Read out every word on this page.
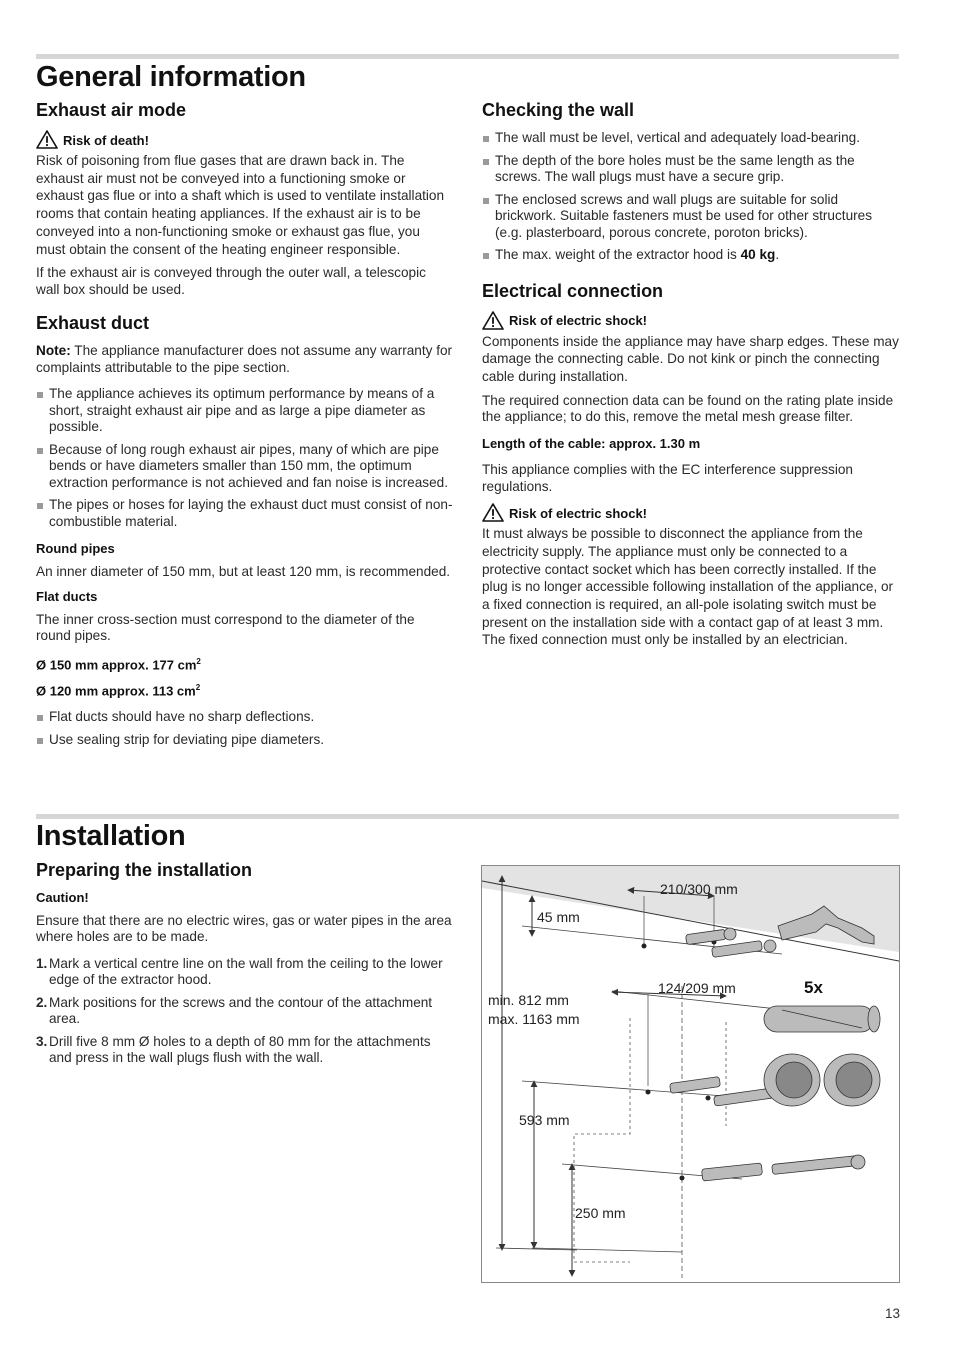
General information
Exhaust air mode
Risk of death!

Risk of poisoning from flue gases that are drawn back in. The exhaust air must not be conveyed into a functioning smoke or exhaust gas flue or into a shaft which is used to ventilate installation rooms that contain heating appliances. If the exhaust air is to be conveyed into a non-functioning smoke or exhaust gas flue, you must obtain the consent of the heating engineer responsible.

If the exhaust air is conveyed through the outer wall, a telescopic wall box should be used.

Exhaust duct

Note: The appliance manufacturer does not assume any warranty for complaints attributable to the pipe section.

The appliance achieves its optimum performance by means of a short, straight exhaust air pipe and as large a pipe diameter as possible.
Because of long rough exhaust air pipes, many of which are pipe bends or have diameters smaller than 150 mm, the optimum extraction performance is not achieved and fan noise is increased.
The pipes or hoses for laying the exhaust duct must consist of non-combustible material.
Round pipes

An inner diameter of 150 mm, but at least 120 mm, is recommended.

Flat ducts

The inner cross-section must correspond to the diameter of the round pipes.

Ø 150 mm approx. 177 $cm^2$
Ø 120 mm approx. 113 $cm^2$
Flat ducts should have no sharp deflections.
Use sealing strip for deviating pipe diameters.
Checking the wall
The wall must be level, vertical and adequately load-bearing.
The depth of the bore holes must be the same length as the screws. The wall plugs must have a secure grip.
The enclosed screws and wall plugs are suitable for solid brickwork. Suitable fasteners must be used for other structures (e.g. plasterboard, porous concrete, poroton bricks).
The max. weight of the extractor hood is 40 kg.
Electrical connection
Risk of electric shock!

Components inside the appliance may have sharp edges. These may damage the connecting cable. Do not kink or pinch the connecting cable during installation.

The required connection data can be found on the rating plate inside the appliance; to do this, remove the metal mesh grease filter.

Length of the cable: approx. 1.30 m

This appliance complies with the EC interference suppression regulations.

Risk of electric shock!

It must always be possible to disconnect the appliance from the electricity supply. The appliance must only be connected to a protective contact socket which has been correctly installed. If the plug is no longer accessible following installation of the appliance, or a fixed connection is required, an all-pole isolating switch must be present on the installation side with a contact gap of at least 3 mm. The fixed connection must only be installed by an electrician.

Installation
Preparing the installation
Caution!

Ensure that there are no electric wires, gas or water pipes in the area where holes are to be made.

1. Mark a vertical centre line on the wall from the ceiling to the lower edge of the extractor hood.
2. Mark positions for the screws and the contour of the attachment area.
3. Drill five 8 mm Ø holes to a depth of 80 mm for the attachments and press in the wall plugs flush with the wall.
210/300 mm
45 mm
124/209 mm	5x
min. 812 mm
max. 1163 mm
593 mm
250 mm
13
